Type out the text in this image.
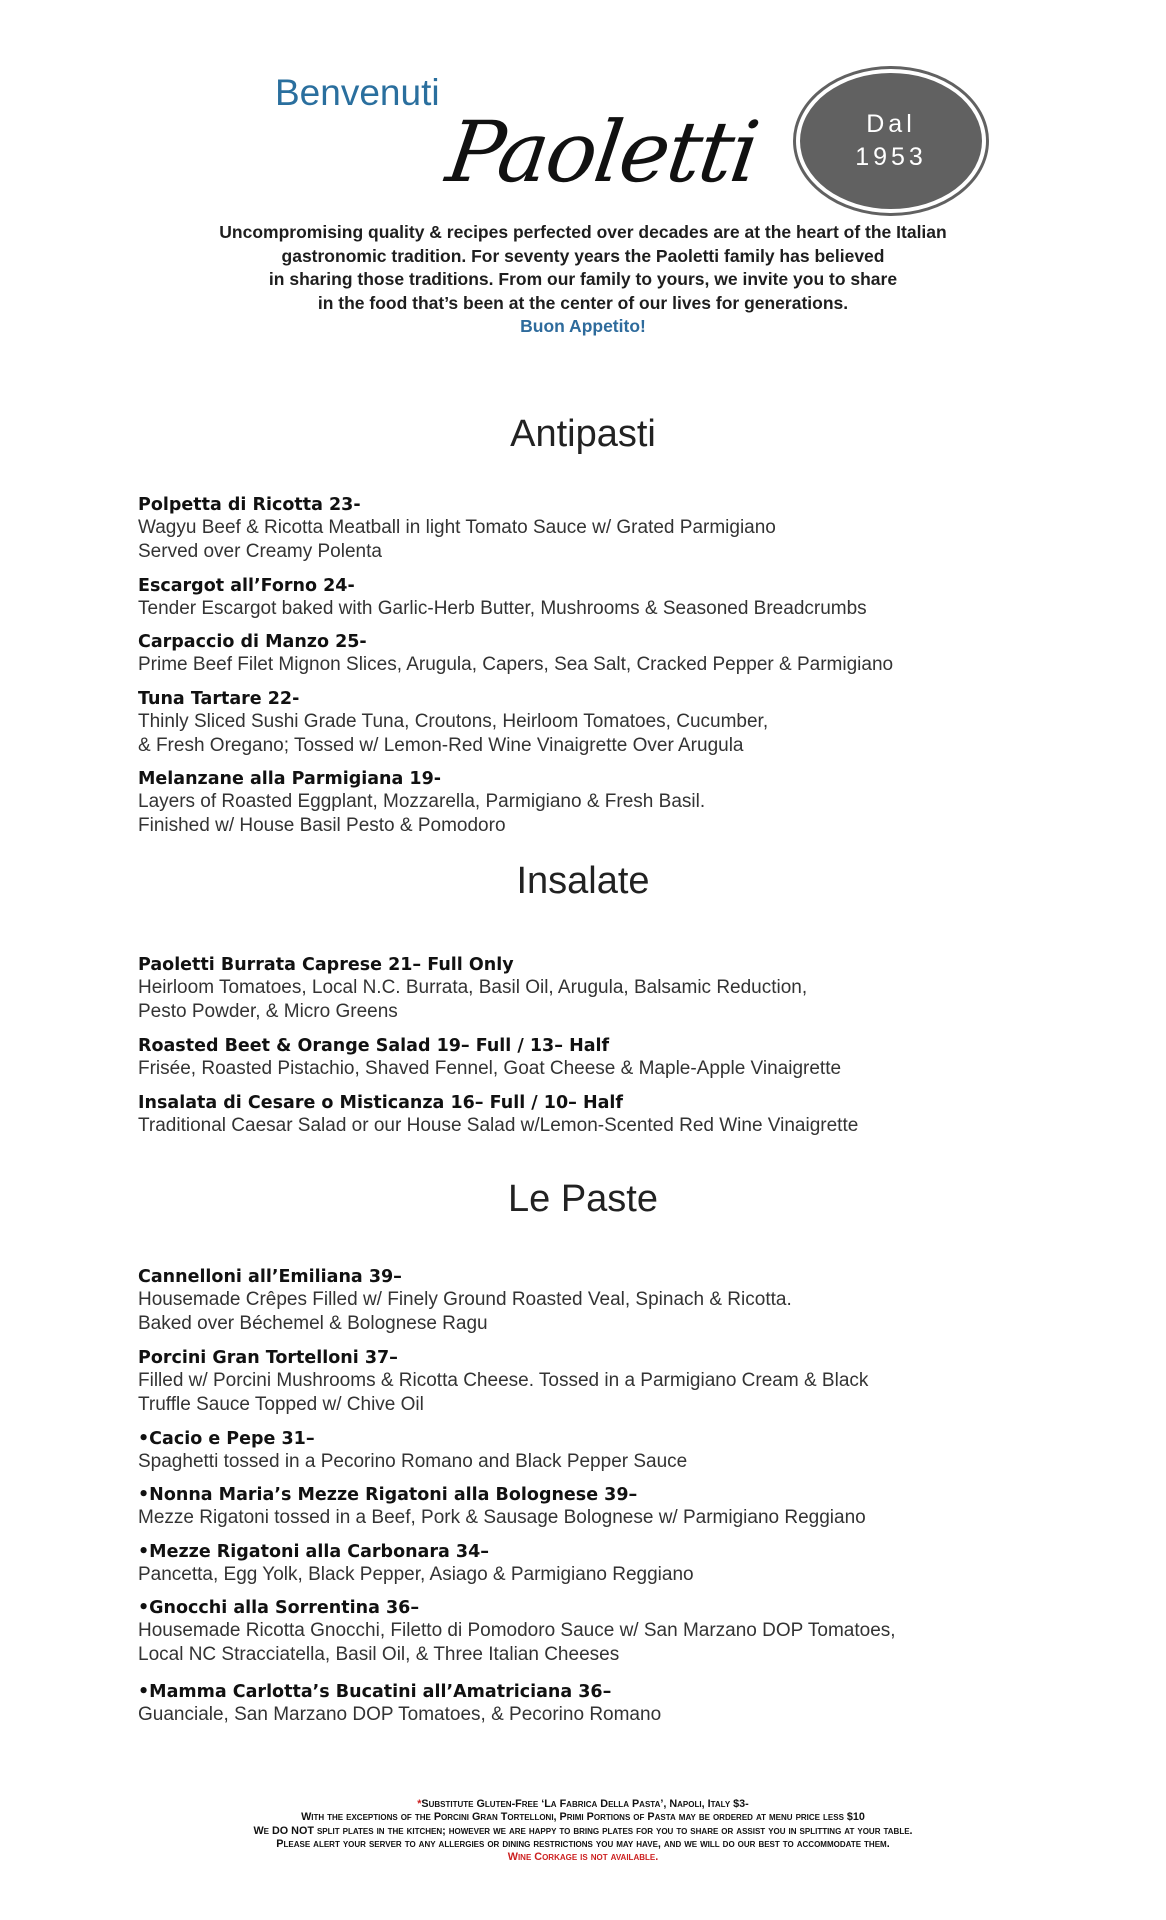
Benvenuti
Paoletti	Dal
1953
Uncompromising quality & recipes perfected over decades are at the heart of the Italian
gastronomic tradition. For seventy years the Paoletti family has believed
in sharing those traditions. From our family to yours, we invite you to share
in the food that’s been at the center of our lives for generations.
Buon Appetito!
Antipasti
Polpetta di Ricotta 23-
Wagyu Beef & Ricotta Meatball in light Tomato Sauce w/ Grated Parmigiano
Served over Creamy Polenta
Escargot all’Forno 24-
Tender Escargot baked with Garlic-Herb Butter, Mushrooms & Seasoned Breadcrumbs
Carpaccio di Manzo 25-
Prime Beef Filet Mignon Slices, Arugula, Capers, Sea Salt, Cracked Pepper & Parmigiano
Tuna Tartare 22-
Thinly Sliced Sushi Grade Tuna, Croutons, Heirloom Tomatoes, Cucumber,
& Fresh Oregano; Tossed w/ Lemon-Red Wine Vinaigrette Over Arugula
Melanzane alla Parmigiana 19-
Layers of Roasted Eggplant, Mozzarella, Parmigiano & Fresh Basil.
Finished w/ House Basil Pesto & Pomodoro
Insalate
Paoletti Burrata Caprese 21– Full Only
Heirloom Tomatoes, Local N.C. Burrata, Basil Oil, Arugula, Balsamic Reduction,
Pesto Powder, & Micro Greens
Roasted Beet & Orange Salad 19– Full / 13– Half
Frisée, Roasted Pistachio, Shaved Fennel, Goat Cheese & Maple-Apple Vinaigrette
Insalata di Cesare o Misticanza 16– Full / 10– Half
Traditional Caesar Salad or our House Salad w/Lemon-Scented Red Wine Vinaigrette
Le Paste
Cannelloni all’Emiliana 39–
Housemade Crêpes Filled w/ Finely Ground Roasted Veal, Spinach & Ricotta.
Baked over Béchemel & Bolognese Ragu
Porcini Gran Tortelloni 37–
Filled w/ Porcini Mushrooms & Ricotta Cheese. Tossed in a Parmigiano Cream & Black
Truffle Sauce Topped w/ Chive Oil
•Cacio e Pepe 31–
Spaghetti tossed in a Pecorino Romano and Black Pepper Sauce
•Nonna Maria’s Mezze Rigatoni alla Bolognese 39–
Mezze Rigatoni tossed in a Beef, Pork & Sausage Bolognese w/ Parmigiano Reggiano
•Mezze Rigatoni alla Carbonara 34–
Pancetta, Egg Yolk, Black Pepper, Asiago & Parmigiano Reggiano
•Gnocchi alla Sorrentina 36–
Housemade Ricotta Gnocchi, Filetto di Pomodoro Sauce w/ San Marzano DOP Tomatoes,
Local NC Stracciatella, Basil Oil, & Three Italian Cheeses
•Mamma Carlotta’s Bucatini all’Amatriciana 36–
Guanciale, San Marzano DOP Tomatoes, & Pecorino Romano
*Substitute Gluten-Free ‘La Fabrica Della Pasta’, Napoli, Italy $3-
With the exceptions of the Porcini Gran Tortelloni, Primi Portions of Pasta may be ordered at menu price less $10
We DO NOT split plates in the kitchen; however we are happy to bring plates for you to share or assist you in splitting at your table.
Please alert your server to any allergies or dining restrictions you may have, and we will do our best to accommodate them.
Wine Corkage is not available.
